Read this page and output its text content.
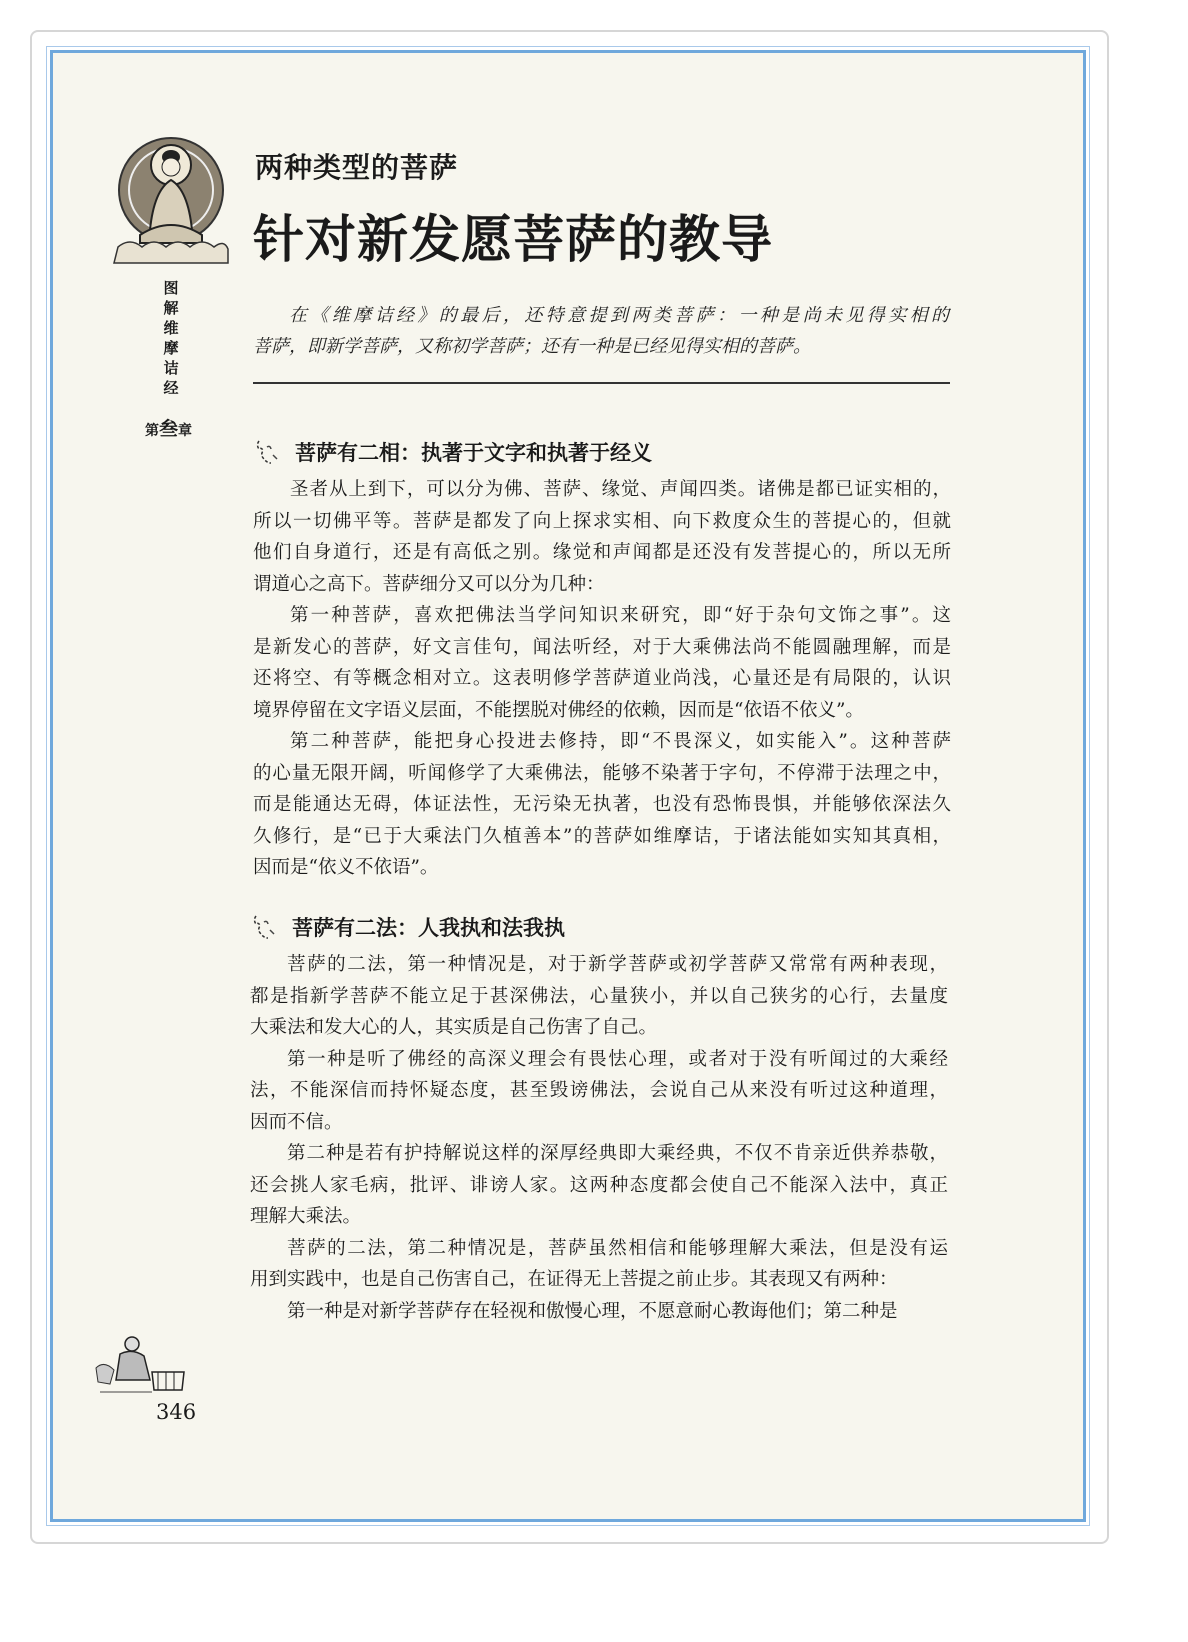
图解维摩诘经
第叁章
两种类型的菩萨
针对新发愿菩萨的教导
在《维摩诘经》的最后，还特意提到两类菩萨：一种是尚未见得实相的
菩萨，即新学菩萨，又称初学菩萨；还有一种是已经见得实相的菩萨。
菩萨有二相：执著于文字和执著于经义
圣者从上到下，可以分为佛、菩萨、缘觉、声闻四类。诸佛是都已证实相的，
所以一切佛平等。菩萨是都发了向上探求实相、向下救度众生的菩提心的，但就
他们自身道行，还是有高低之别。缘觉和声闻都是还没有发菩提心的，所以无所
谓道心之高下。菩萨细分又可以分为几种：
第一种菩萨，喜欢把佛法当学问知识来研究，即“好于杂句文饰之事”。这
是新发心的菩萨，好文言佳句，闻法听经，对于大乘佛法尚不能圆融理解，而是
还将空、有等概念相对立。这表明修学菩萨道业尚浅，心量还是有局限的，认识
境界停留在文字语义层面，不能摆脱对佛经的依赖，因而是“依语不依义”。
第二种菩萨，能把身心投进去修持，即“不畏深义，如实能入”。这种菩萨
的心量无限开阔，听闻修学了大乘佛法，能够不染著于字句，不停滞于法理之中，
而是能通达无碍，体证法性，无污染无执著，也没有恐怖畏惧，并能够依深法久
久修行，是“已于大乘法门久植善本”的菩萨如维摩诘，于诸法能如实知其真相，
因而是“依义不依语”。
菩萨有二法：人我执和法我执
菩萨的二法，第一种情况是，对于新学菩萨或初学菩萨又常常有两种表现，
都是指新学菩萨不能立足于甚深佛法，心量狭小，并以自己狭劣的心行，去量度
大乘法和发大心的人，其实质是自己伤害了自己。
第一种是听了佛经的高深义理会有畏怯心理，或者对于没有听闻过的大乘经
法，不能深信而持怀疑态度，甚至毁谤佛法，会说自己从来没有听过这种道理，
因而不信。
第二种是若有护持解说这样的深厚经典即大乘经典，不仅不肯亲近供养恭敬，
还会挑人家毛病，批评、诽谤人家。这两种态度都会使自己不能深入法中，真正
理解大乘法。
菩萨的二法，第二种情况是，菩萨虽然相信和能够理解大乘法，但是没有运
用到实践中，也是自己伤害自己，在证得无上菩提之前止步。其表现又有两种：
第一种是对新学菩萨存在轻视和傲慢心理，不愿意耐心教诲他们；第二种是
346
